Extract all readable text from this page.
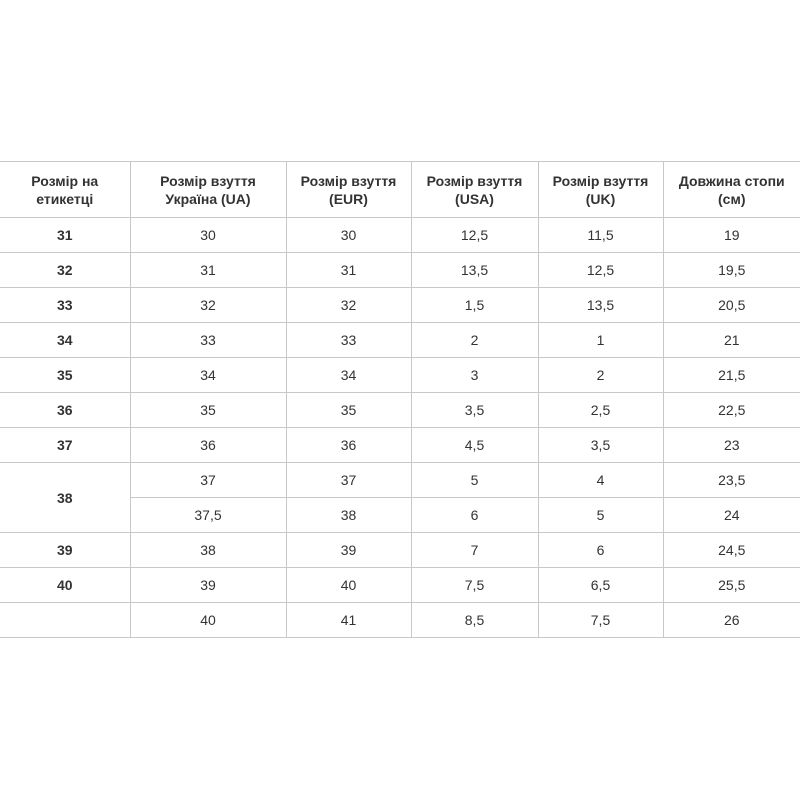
Розмір на етикетці	Розмір взуття Україна (UA)	Розмір взуття (EUR)	Розмір взуття (USA)	Розмір взуття (UK)	Довжина стопи (см)
31	30	30	12,5	11,5	19
32	31	31	13,5	12,5	19,5
33	32	32	1,5	13,5	20,5
34	33	33	2	1	21
35	34	34	3	2	21,5
36	35	35	3,5	2,5	22,5
37	36	36	4,5	3,5	23
38	37	37	5	4	23,5
	37,5	38	6	5	24
39	38	39	7	6	24,5
40	39	40	7,5	6,5	25,5
	40	41	8,5	7,5	26
